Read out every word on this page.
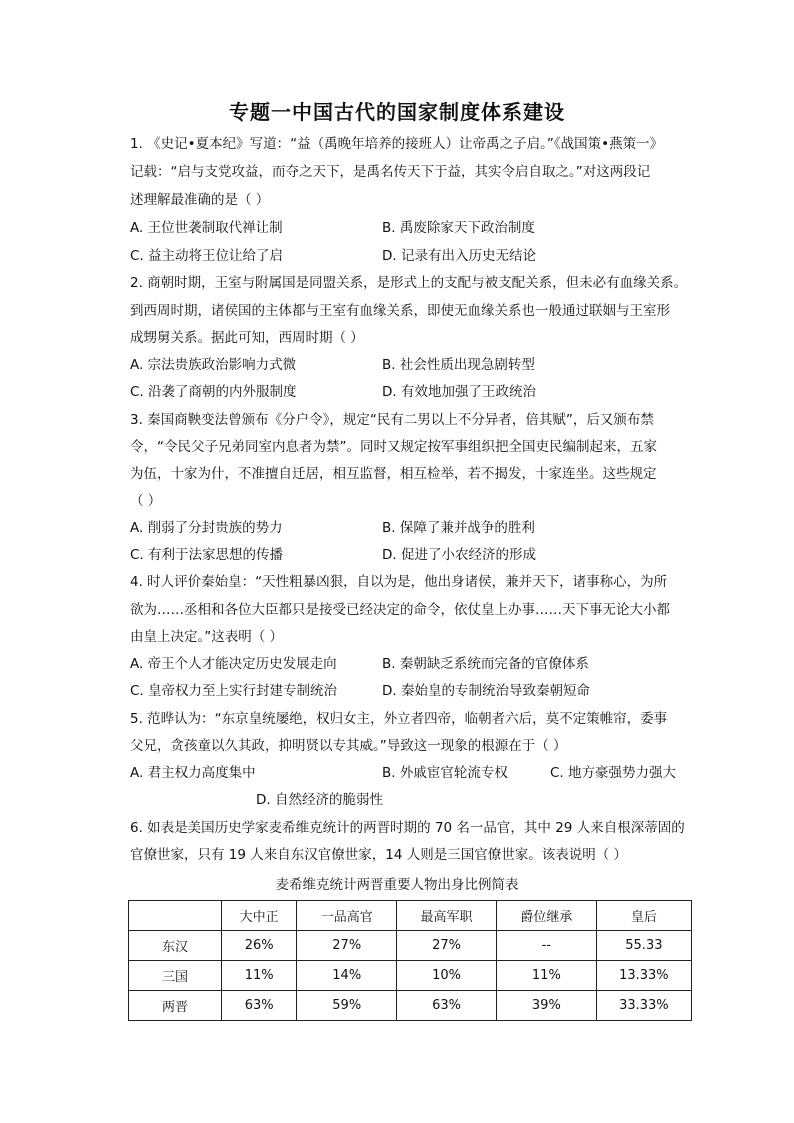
专题一中国古代的国家制度体系建设
1. 《史记•夏本纪》写道：“益（禹晚年培养的接班人）让帝禹之子启。”《战国策•燕策一》
记载：“启与支党攻益，而夺之天下，是禹名传天下于益，其实令启自取之。”对这两段记
述理解最准确的是（ ）
A. 王位世袭制取代禅让制	B. 禹废除家天下政治制度
C. 益主动将王位让给了启	D. 记录有出入历史无结论
2. 商朝时期，王室与附属国是同盟关系，是形式上的支配与被支配关系，但未必有血缘关系。
到西周时期，诸侯国的主体都与王室有血缘关系，即使无血缘关系也一般通过联姻与王室形
成甥舅关系。据此可知，西周时期（ ）
A. 宗法贵族政治影响力式微	B. 社会性质出现急剧转型
C. 沿袭了商朝的内外服制度	D. 有效地加强了王政统治
3. 秦国商鞅变法曾颁布《分户令》，规定“民有二男以上不分异者，倍其赋”，后又颁布禁
令，“令民父子兄弟同室内息者为禁”。同时又规定按军事组织把全国吏民编制起来，五家
为伍，十家为什，不准擅自迁居，相互监督，相互检举，若不揭发，十家连坐。这些规定
（ ）
A. 削弱了分封贵族的势力	B. 保障了兼并战争的胜利
C. 有利于法家思想的传播	D. 促进了小农经济的形成
4. 时人评价秦始皇：“天性粗暴凶狠，自以为是，他出身诸侯，兼并天下，诸事称心，为所
欲为……丞相和各位大臣都只是接受已经决定的命令，依仗皇上办事……天下事无论大小都
由皇上决定。”这表明（ ）
A. 帝王个人才能决定历史发展走向	B. 秦朝缺乏系统而完备的官僚体系
C. 皇帝权力至上实行封建专制统治	D. 秦始皇的专制统治导致秦朝短命
5. 范晔认为：“东京皇统屡绝，权归女主，外立者四帝，临朝者六后，莫不定策帷帘，委事
父兄，贪孩童以久其政，抑明贤以专其威。”导致这一现象的根源在于（ ）
A. 君主权力高度集中	B. 外戚宦官轮流专权	C. 地方豪强势力强大
D. 自然经济的脆弱性
6. 如表是美国历史学家麦希维克统计的两晋时期的 70 名一品官，其中 29 人来自根深蒂固的
官僚世家，只有 19 人来自东汉官僚世家，14 人则是三国官僚世家。该表说明（ ）
麦希维克统计两晋重要人物出身比例简表
	大中正	一品高官	最高军职	爵位继承	皇后
东汉	26%	27%	27%	--	55.33
三国	11%	14%	10%	11%	13.33%
两晋	63%	59%	63%	39%	33.33%
